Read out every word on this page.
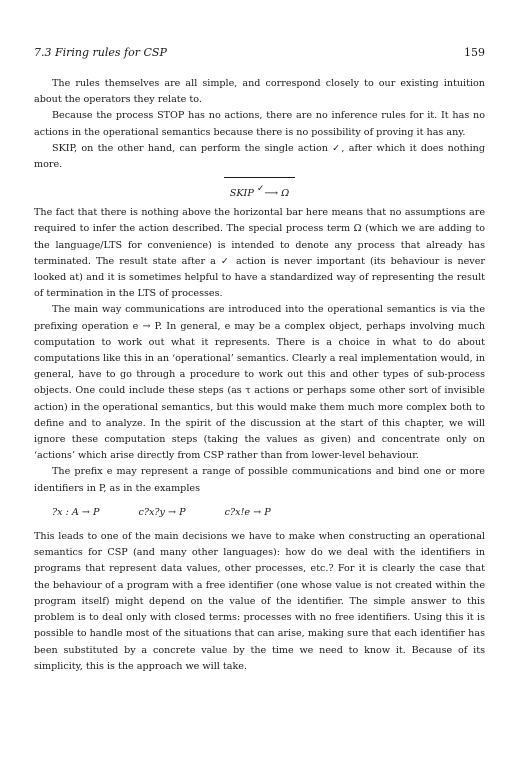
7.3 Firing rules for CSP	159

The rules themselves are all simple, and correspond closely to our existing intuition about the operators they relate to.

Because the process STOP has no actions, there are no inference rules for it. It has no actions in the operational semantics because there is no possibility of proving it has any.

SKIP, on the other hand, can perform the single action ✓, after which it does nothing more.

SKIP ✓⟶ Ω

The fact that there is nothing above the horizontal bar here means that no assumptions are required to infer the action described. The special process term Ω (which we are adding to the language/LTS for convenience) is intended to denote any process that already has terminated. The result state after a ✓ action is never important (its behaviour is never looked at) and it is sometimes helpful to have a standardized way of representing the result of termination in the LTS of processes.

The main way communications are introduced into the operational semantics is via the prefixing operation e → P. In general, e may be a complex object, perhaps involving much computation to work out what it represents. There is a choice in what to do about computations like this in an ‘operational’ semantics. Clearly a real implementation would, in general, have to go through a procedure to work out this and other types of sub-process objects. One could include these steps (as τ actions or perhaps some other sort of invisible action) in the operational semantics, but this would make them much more complex both to define and to analyze. In the spirit of the discussion at the start of this chapter, we will ignore these computation steps (taking the values as given) and concentrate only on ‘actions’ which arise directly from CSP rather than from lower-level behaviour.

The prefix e may represent a range of possible communications and bind one or more identifiers in P, as in the examples

?x : A → P	c?x?y → P	c?x!e → P

This leads to one of the main decisions we have to make when constructing an operational semantics for CSP (and many other languages): how do we deal with the identifiers in programs that represent data values, other processes, etc.? For it is clearly the case that the behaviour of a program with a free identifier (one whose value is not created within the program itself) might depend on the value of the identifier. The simple answer to this problem is to deal only with closed terms: processes with no free identifiers. Using this it is possible to handle most of the situations that can arise, making sure that each identifier has been substituted by a concrete value by the time we need to know it. Because of its simplicity, this is the approach we will take.
